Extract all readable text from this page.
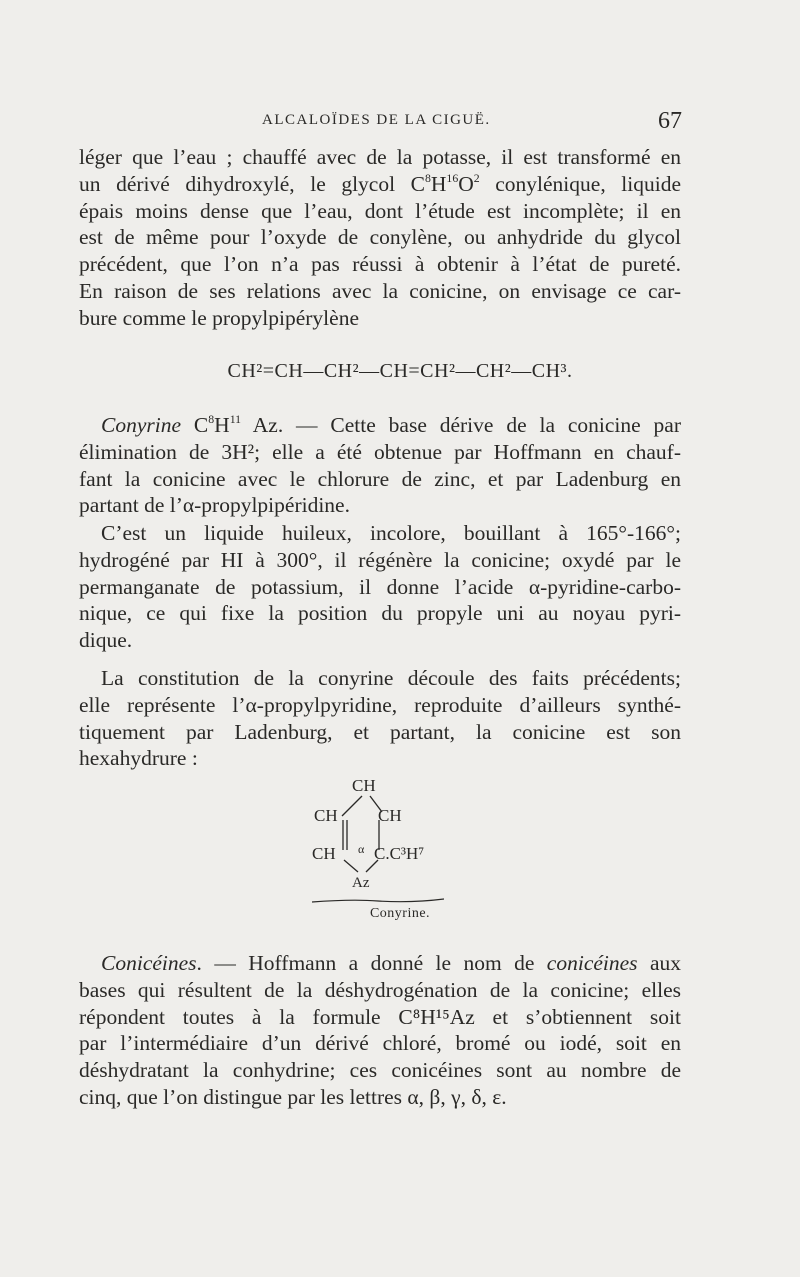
ALCALOÏDES DE LA CIGUË.	67

léger que l’eau ; chauffé avec de la potasse, il est transformé en
un dérivé dihydroxylé, le glycol $C^8H^{16}O^2$ conylénique, liquide
épais moins dense que l’eau, dont l’étude est incomplète; il en
est de même pour l’oxyde de conylène, ou anhydride du glycol
précédent, que l’on n’a pas réussi à obtenir à l’état de pureté.
En raison de ses relations avec la conicine, on envisage ce car-
bure comme le propylpipérylène

CH²=CH—CH²—CH=CH²—CH²—CH³.

Conyrine $C^8H^{11}$ Az. — Cette base dérive de la conicine par
élimination de 3H²; elle a été obtenue par Hoffmann en chauf-
fant la conicine avec le chlorure de zinc, et par Ladenburg en
partant de l’α-propylpipéridine.

C’est un liquide huileux, incolore, bouillant à 165°-166°;
hydrogéné par HI à 300°, il régénère la conicine; oxydé par le
permanganate de potassium, il donne l’acide α-pyridine-carbo-
nique, ce qui fixe la position du propyle uni au noyau pyri-
dique.

La constitution de la conyrine découle des faits précédents;
elle représente l’α-propylpyridine, reproduite d’ailleurs synthé-
tiquement par Ladenburg, et partant, la conicine est son
hexahydrure :

CH
CH CH
CH α C.C³H⁷
Az
Conyrine.

Conicéines. — Hoffmann a donné le nom de conicéines aux
bases qui résultent de la déshydrogénation de la conicine; elles
répondent toutes à la formule C⁸H¹⁵Az et s’obtiennent soit
par l’intermédiaire d’un dérivé chloré, bromé ou iodé, soit en
déshydratant la conhydrine; ces conicéines sont au nombre de
cinq, que l’on distingue par les lettres α, β, γ, δ, ε.
